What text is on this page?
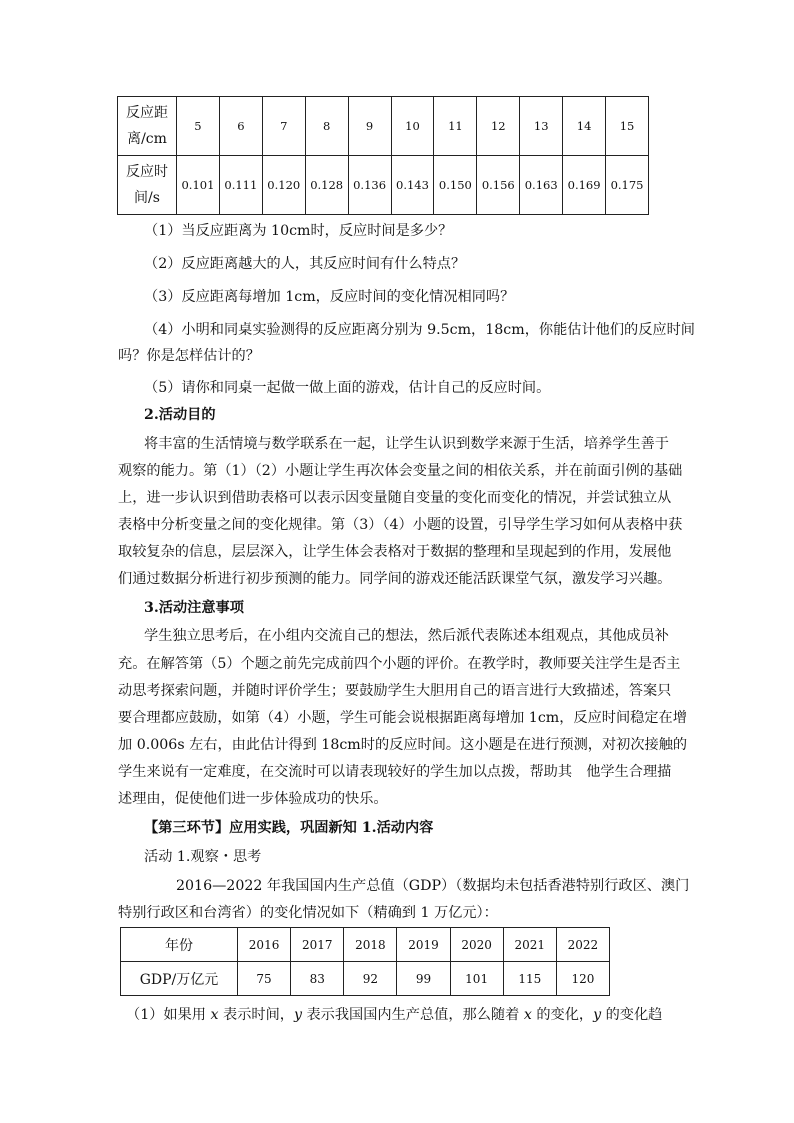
反应距
离/cm	5	6	7	8	9	10	11	12	13	14	15

反应时
间/s	0.101	0.111	0.120	0.128	0.136	0.143	0.150	0.156	0.163	0.169	0.175
（1）当反应距离为 10cm时，反应时间是多少？
（2）反应距离越大的人，其反应时间有什么特点？
（3）反应距离每增加 1cm，反应时间的变化情况相同吗？
（4）小明和同桌实验测得的反应距离分别为 9.5cm，18cm，你能估计他们的反应时间
吗？你是怎样估计的？
（5）请你和同桌一起做一做上面的游戏，估计自己的反应时间。
2.活动目的
将丰富的生活情境与数学联系在一起，让学生认识到数学来源于生活，培养学生善于
观察的能力。第（1）（2）小题让学生再次体会变量之间的相依关系，并在前面引例的基础
上，进一步认识到借助表格可以表示因变量随自变量的变化而变化的情况，并尝试独立从
表格中分析变量之间的变化规律。第（3）（4）小题的设置，引导学生学习如何从表格中获
取较复杂的信息，层层深入，让学生体会表格对于数据的整理和呈现起到的作用，发展他
们通过数据分析进行初步预测的能力。同学间的游戏还能活跃课堂气氛，激发学习兴趣。
3.活动注意事项
学生独立思考后，在小组内交流自己的想法，然后派代表陈述本组观点，其他成员补
充。在解答第（5）个题之前先完成前四个小题的评价。在教学时，教师要关注学生是否主
动思考探索问题，并随时评价学生；要鼓励学生大胆用自己的语言进行大致描述，答案只
要合理都应鼓励，如第（4）小题，学生可能会说根据距离每增加 1cm，反应时间稳定在增
加 0.006s 左右，由此估计得到 18cm时的反应时间。这小题是在进行预测，对初次接触的
学生来说有一定难度，在交流时可以请表现较好的学生加以点拨，帮助其　他学生合理描
述理由，促使他们进一步体验成功的快乐。
【第三环节】应用实践，巩固新知 1.活动内容
活动 1.观察・思考
2016—2022 年我国国内生产总值（GDP）（数据均未包括香港特别行政区、澳门
特别行政区和台湾省）的变化情况如下（精确到 1 万亿元）：
年份	2016	2017	2018	2019	2020	2021	2022
GDP/万亿元	75	83	92	99	101	115	120
（1）如果用 x 表示时间，y 表示我国国内生产总值，那么随着 x 的变化，y 的变化趋
